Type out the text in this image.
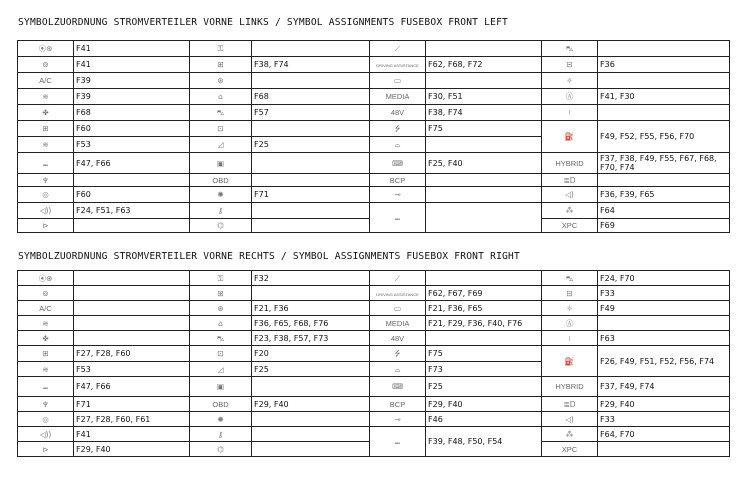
SYMBOLZUORDNUNG STROMVERTEILER VORNE LINKS / SYMBOL ASSIGNMENTS FUSEBOX FRONT LEFT
⦿⊛	F41	⚿		⟋		⛍	
⊚	F41	⊞	F38, F74	DRIVING ASSISTANCE	F62, F68, F72	⊟	F36
A/C	F39	⊛		▭		☼	
≋	F39	⌂	F68	MEDIA	F30, F51	Ⓐ	F41, F30
✤	F68	⛍	F57	48V	F38, F74	⧘	
⊞	F60	⊡		⭍	F75	⛽	F49, F52, F55, F56, F70
≋	F53	◿	F25	⌓			
⑉	F47, F66	▣		⌨	F25, F40	HYBRID	F37, F38, F49, F55, F67, F68, F70, F74
♆		OBD		BCP		≣D	
◎	F60	✺	F71	⊸		◁)	F36, F39, F65
◁))	F24, F51, F63	⚷		⑉		⁂	F64
⊳		⌬				XPC	F69
SYMBOLZUORDNUNG STROMVERTEILER VORNE RECHTS / SYMBOL ASSIGNMENTS FUSEBOX FRONT RIGHT
⦿⊛		⚿	F32	⟋		⛍	F24, F70
⊚		⊞		DRIVING ASSISTANCE	F62, F67, F69	⊟	F33
A/C		⊛	F21, F36	▭	F21, F36, F65	☼	F49
≋		⌂	F36, F65, F68, F76	MEDIA	F21, F29, F36, F40, F76	Ⓐ	
✤		⛍	F23, F38, F57, F73	48V		⧘	F63
⊞	F27, F28, F60	⊡	F20	⭍	F75	⛽	F26, F49, F51, F52, F56, F74
≋	F53	◿	F25	⌓	F73		
⑉	F47, F66	▣		⌨	F25	HYBRID	F37, F49, F74
♆	F71	OBD	F29, F40	BCP	F29, F40	≣D	F29, F40
◎	F27, F28, F60, F61	✺		⊸	F46	◁)	F33
◁))	F41	⚷		⑉	F39, F48, F50, F54	⁂	F64, F70
⊳	F29, F40	⌬				XPC	
